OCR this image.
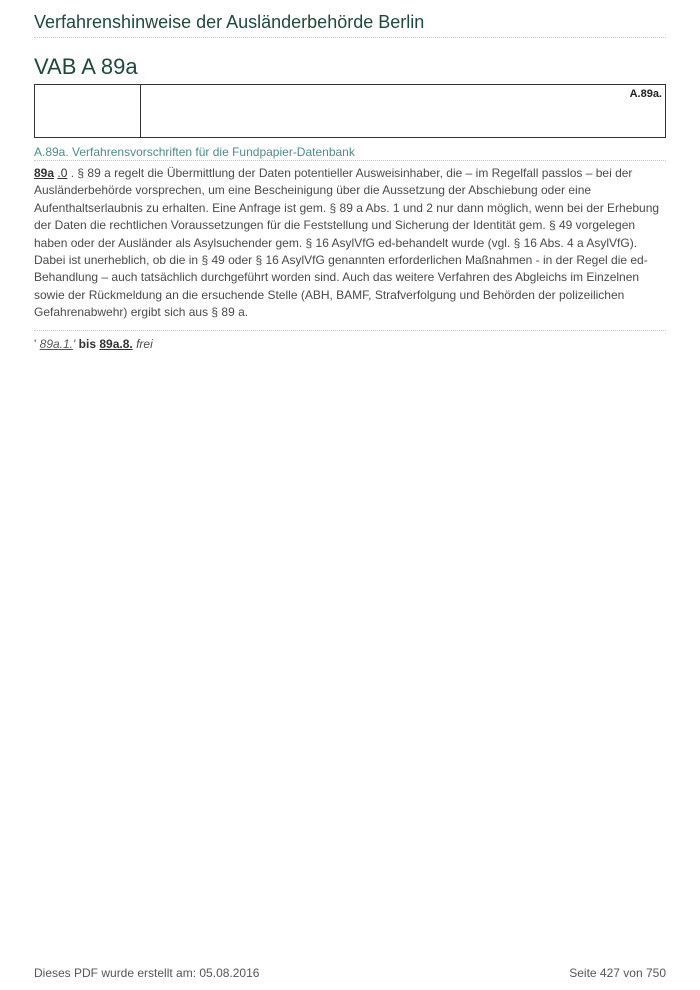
Verfahrenshinweise der Ausländerbehörde Berlin
VAB A 89a
A.89a.
A.89a. Verfahrensvorschriften für die Fundpapier-Datenbank
89a .0 . § 89 a regelt die Übermittlung der Daten potentieller Ausweisinhaber, die – im Regelfall passlos – bei der Ausländerbehörde vorsprechen, um eine Bescheinigung über die Aussetzung der Abschiebung oder eine Aufenthaltserlaubnis zu erhalten. Eine Anfrage ist gem. § 89 a Abs. 1 und 2 nur dann möglich, wenn bei der Erhebung der Daten die rechtlichen Voraussetzungen für die Feststellung und Sicherung der Identität gem. § 49 vorgelegen haben oder der Ausländer als Asylsuchender gem. § 16 AsylVfG ed-behandelt wurde (vgl. § 16 Abs. 4 a AsylVfG). Dabei ist unerheblich, ob die in § 49 oder § 16 AsylVfG genannten erforderlichen Maßnahmen - in der Regel die ed-Behandlung – auch tatsächlich durchgeführt worden sind. Auch das weitere Verfahren des Abgleichs im Einzelnen sowie der Rückmeldung an die ersuchende Stelle (ABH, BAMF, Strafverfolgung und Behörden der polizeilichen Gefahrenabwehr) ergibt sich aus § 89 a.
' 89a.1.' bis 89a.8. frei
Dieses PDF wurde erstellt am: 05.08.2016	Seite 427 von 750
